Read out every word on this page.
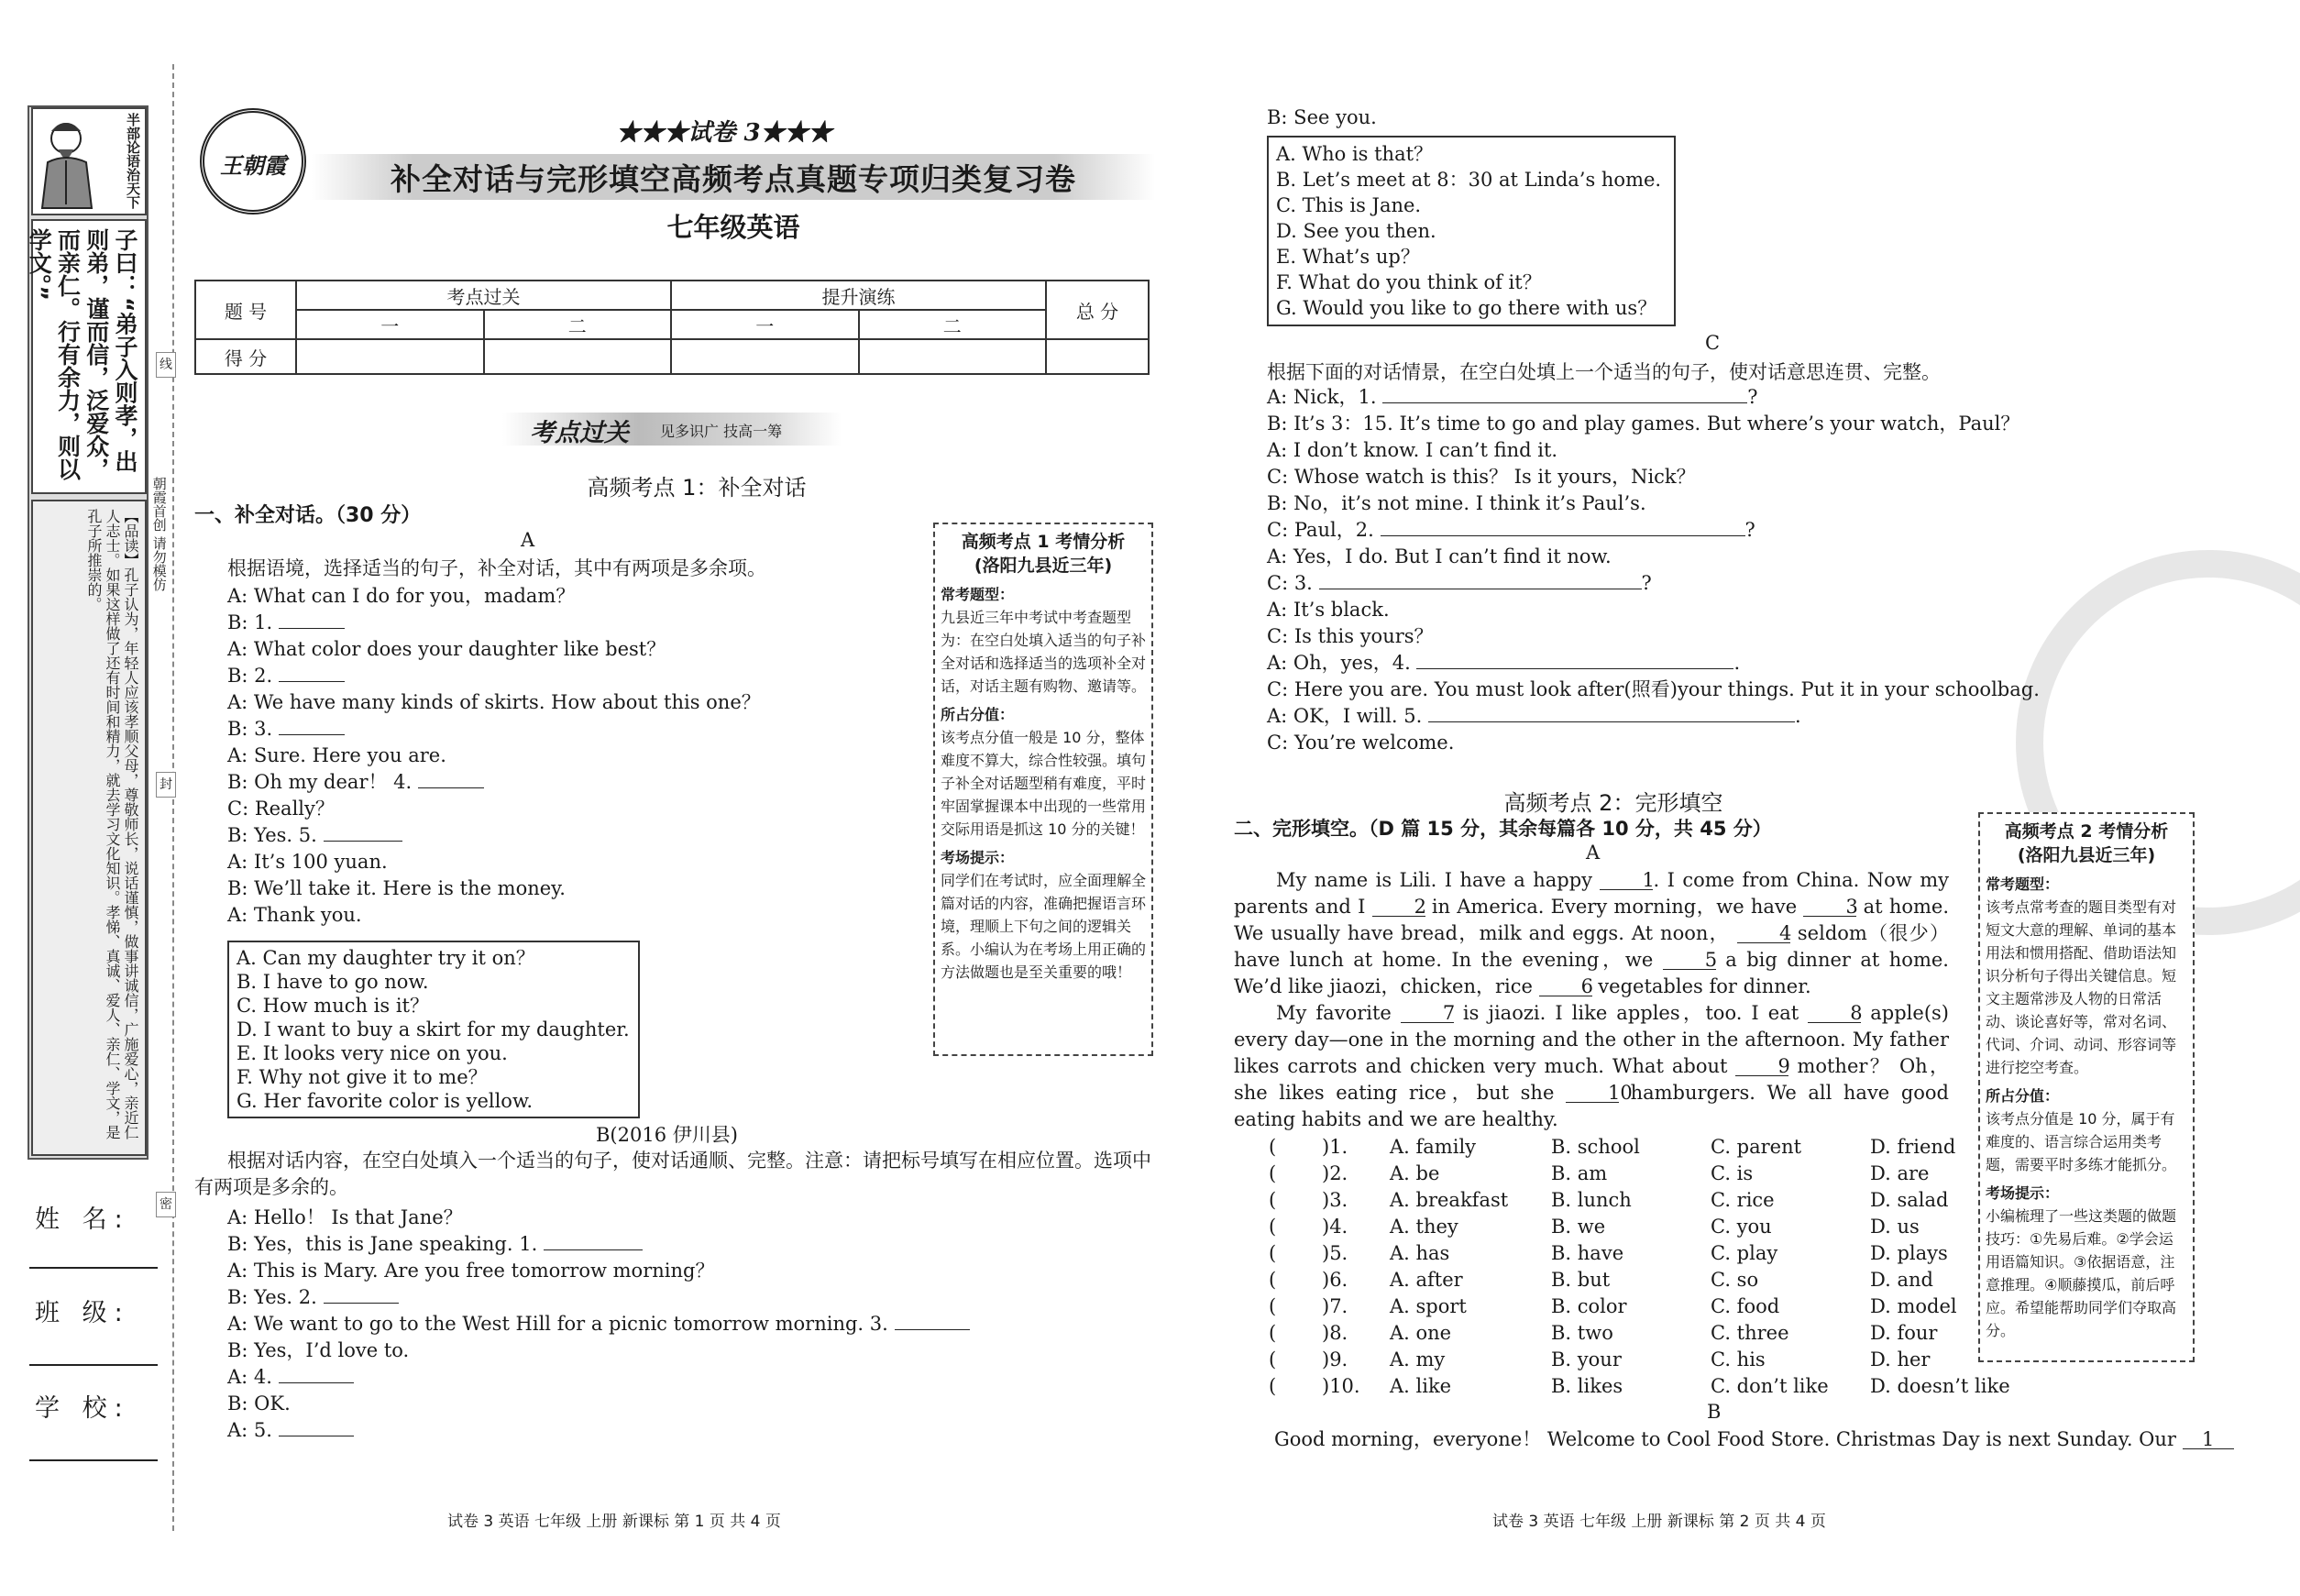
半部论语治天下
子曰：“弟子入则孝，出则弟，谨而信，泛爱众，而亲仁。行有余力，则以学文。”
【品读】孔子认为，年轻人应该孝顺父母，尊敬师长，说话谨慎，做事讲诚信，广施爱心，亲近仁人志士。如果这样做了还有时间和精力，就去学习文化知识。孝悌、真诚、爱人、亲仁、学文，是孔子所推崇的。
姓 名:
班 级:
学 校:
线
封
密
朝霞首创 请勿模仿
王朝霞
★★★试卷 3★★★
补全对话与完形填空高频考点真题专项归类复习卷
七年级英语
题 号	考点过关		提升演练		总 分
	一	二	一	二	
得 分					
考点过关 见多识广 技高一筹
高频考点 1：补全对话
一、补全对话。（30 分）
A
根据语境，选择适当的句子，补全对话，其中有两项是多余项。
A: What can I do for you，madam？
B: 1.
A: What color does your daughter like best？
B: 2.
A: We have many kinds of skirts. How about this one？
B: 3.
A: Sure. Here you are.
B: Oh my dear！ 4.
C: Really？
B: Yes. 5.
A: It’s 100 yuan.
B: We’ll take it. Here is the money.
A: Thank you.
A. Can my daughter try it on？
B. I have to go now.
C. How much is it？
D. I want to buy a skirt for my daughter.
E. It looks very nice on you.
F. Why not give it to me？
G. Her favorite color is yellow.
B(2016 伊川县)
根据对话内容，在空白处填入一个适当的句子，使对话通顺、完整。注意：请把标号填写在相应位置。选项中有两项是多余的。
A: Hello！ Is that Jane？
B: Yes，this is Jane speaking. 1.
A: This is Mary. Are you free tomorrow morning？
B: Yes. 2.
A: We want to go to the West Hill for a picnic tomorrow morning. 3.
B: Yes，I’d love to.
A: 4.
B: OK.
A: 5.
高频考点 1 考情分析
(洛阳九县近三年)
常考题型：
九县近三年中考试中考查题型为：在空白处填入适当的句子补全对话和选择适当的选项补全对话，对话主题有购物、邀请等。
所占分值：
该考点分值一般是 10 分，整体难度不算大，综合性较强。填句子补全对话题型稍有难度，平时牢固掌握课本中出现的一些常用交际用语是抓这 10 分的关键！
考场提示：
同学们在考试时，应全面理解全篇对话的内容，准确把握语言环境，理顺上下句之间的逻辑关系。小编认为在考场上用正确的方法做题也是至关重要的哦！
试卷 3 英语 七年级 上册 新课标 第 1 页 共 4 页
B: See you.
A. Who is that？
B. Let’s meet at 8：30 at Linda’s home.
C. This is Jane.
D. See you then.
E. What’s up？
F. What do you think of it？
G. Would you like to go there with us？
C
根据下面的对话情景，在空白处填上一个适当的句子，使对话意思连贯、完整。
A: Nick，1.	?
B: It’s 3：15. It’s time to go and play games. But where’s your watch，Paul？
A: I don’t know. I can’t find it.
C: Whose watch is this？ Is it yours，Nick？
B: No，it’s not mine. I think it’s Paul’s.
C: Paul，2.	?
A: Yes，I do. But I can’t find it now.
C: 3.	?
A: It’s black.
C: Is this yours？
A: Oh，yes，4.	.
C: Here you are. You must look after(照看)your things. Put it in your schoolbag.
A: OK，I will. 5.	.
C: You’re welcome.
高频考点 2：完形填空
二、完形填空。（D 篇 15 分，其余每篇各 10 分，共 45 分）
A
My name is Lili. I have a happy	1. I come from China. Now my parents and I	2 in America. Every morning，we have	3 at home. We usually have bread，milk and eggs. At noon，	4 seldom（很少）have lunch at home. In the evening，we	5 a big dinner at home. We’d like jiaozi，chicken，rice	6 vegetables for dinner.
My favorite	7 is jiaozi. I like apples，too. I eat	8 apple(s) every day—one in the morning and the other in the afternoon. My father likes carrots and chicken very much. What about	9 mother？ Oh，she likes eating rice，but she	10 hamburgers. We all have good eating habits and we are healthy.
(	)1.	A. family	B. school	C. parent	D. friend
(	)2.	A. be	B. am	C. is	D. are
(	)3.	A. breakfast	B. lunch	C. rice	D. salad
(	)4.	A. they	B. we	C. you	D. us
(	)5.	A. has	B. have	C. play	D. plays
(	)6.	A. after	B. but	C. so	D. and
(	)7.	A. sport	B. color	C. food	D. model
(	)8.	A. one	B. two	C. three	D. four
(	)9.	A. my	B. your	C. his	D. her
(	)10.	A. like	B. likes	C. don’t like	D. doesn’t like
B
Good morning，everyone！ Welcome to Cool Food Store. Christmas Day is next Sunday. Our 1
高频考点 2 考情分析
(洛阳九县近三年)
常考题型：
该考点常考查的题目类型有对短文大意的理解、单词的基本用法和惯用搭配、借助语法知识分析句子得出关键信息。短文主题常涉及人物的日常活动、谈论喜好等，常对名词、代词、介词、动词、形容词等进行挖空考查。
所占分值：
该考点分值是 10 分，属于有难度的、语言综合运用类考题，需要平时多练才能抓分。
考场提示：
小编梳理了一些这类题的做题技巧：①先易后难。②学会运用语篇知识。③依据语意，注意推理。④顺藤摸瓜，前后呼应。希望能帮助同学们夺取高分。
试卷 3 英语 七年级 上册 新课标 第 2 页 共 4 页
